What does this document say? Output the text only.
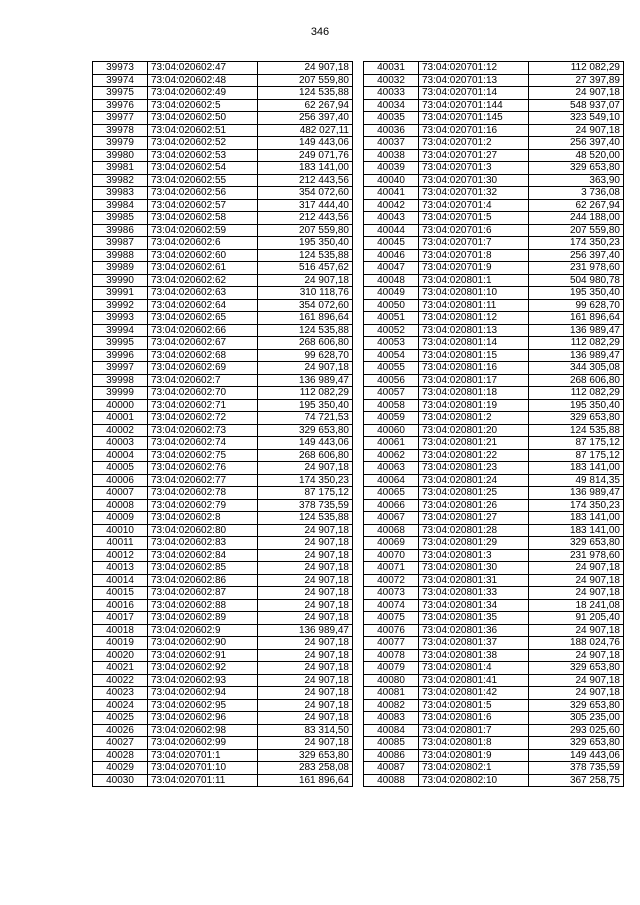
346
39973	73:04:020602:47	24 907,18
39974	73:04:020602:48	207 559,80
39975	73:04:020602:49	124 535,88
39976	73:04:020602:5	62 267,94
39977	73:04:020602:50	256 397,40
39978	73:04:020602:51	482 027,11
39979	73:04:020602:52	149 443,06
39980	73:04:020602:53	249 071,76
39981	73:04:020602:54	183 141,00
39982	73:04:020602:55	212 443,56
39983	73:04:020602:56	354 072,60
39984	73:04:020602:57	317 444,40
39985	73:04:020602:58	212 443,56
39986	73:04:020602:59	207 559,80
39987	73:04:020602:6	195 350,40
39988	73:04:020602:60	124 535,88
39989	73:04:020602:61	516 457,62
39990	73:04:020602:62	24 907,18
39991	73:04:020602:63	310 118,76
39992	73:04:020602:64	354 072,60
39993	73:04:020602:65	161 896,64
39994	73:04:020602:66	124 535,88
39995	73:04:020602:67	268 606,80
39996	73:04:020602:68	99 628,70
39997	73:04:020602:69	24 907,18
39998	73:04:020602:7	136 989,47
39999	73:04:020602:70	112 082,29
40000	73:04:020602:71	195 350,40
40001	73:04:020602:72	74 721,53
40002	73:04:020602:73	329 653,80
40003	73:04:020602:74	149 443,06
40004	73:04:020602:75	268 606,80
40005	73:04:020602:76	24 907,18
40006	73:04:020602:77	174 350,23
40007	73:04:020602:78	87 175,12
40008	73:04:020602:79	378 735,59
40009	73:04:020602:8	124 535,88
40010	73:04:020602:80	24 907,18
40011	73:04:020602:83	24 907,18
40012	73:04:020602:84	24 907,18
40013	73:04:020602:85	24 907,18
40014	73:04:020602:86	24 907,18
40015	73:04:020602:87	24 907,18
40016	73:04:020602:88	24 907,18
40017	73:04:020602:89	24 907,18
40018	73:04:020602:9	136 989,47
40019	73:04:020602:90	24 907,18
40020	73:04:020602:91	24 907,18
40021	73:04:020602:92	24 907,18
40022	73:04:020602:93	24 907,18
40023	73:04:020602:94	24 907,18
40024	73:04:020602:95	24 907,18
40025	73:04:020602:96	24 907,18
40026	73:04:020602:98	83 314,50
40027	73:04:020602:99	24 907,18
40028	73:04:020701:1	329 653,80
40029	73:04:020701:10	283 258,08
40030	73:04:020701:11	161 896,64
40031	73:04:020701:12	112 082,29
40032	73:04:020701:13	27 397,89
40033	73:04:020701:14	24 907,18
40034	73:04:020701:144	548 937,07
40035	73:04:020701:145	323 549,10
40036	73:04:020701:16	24 907,18
40037	73:04:020701:2	256 397,40
40038	73:04:020701:27	48 520,00
40039	73:04:020701:3	329 653,80
40040	73:04:020701:30	363,90
40041	73:04:020701:32	3 736,08
40042	73:04:020701:4	62 267,94
40043	73:04:020701:5	244 188,00
40044	73:04:020701:6	207 559,80
40045	73:04:020701:7	174 350,23
40046	73:04:020701:8	256 397,40
40047	73:04:020701:9	231 978,60
40048	73:04:020801:1	504 980,78
40049	73:04:020801:10	195 350,40
40050	73:04:020801:11	99 628,70
40051	73:04:020801:12	161 896,64
40052	73:04:020801:13	136 989,47
40053	73:04:020801:14	112 082,29
40054	73:04:020801:15	136 989,47
40055	73:04:020801:16	344 305,08
40056	73:04:020801:17	268 606,80
40057	73:04:020801:18	112 082,29
40058	73:04:020801:19	195 350,40
40059	73:04:020801:2	329 653,80
40060	73:04:020801:20	124 535,88
40061	73:04:020801:21	87 175,12
40062	73:04:020801:22	87 175,12
40063	73:04:020801:23	183 141,00
40064	73:04:020801:24	49 814,35
40065	73:04:020801:25	136 989,47
40066	73:04:020801:26	174 350,23
40067	73:04:020801:27	183 141,00
40068	73:04:020801:28	183 141,00
40069	73:04:020801:29	329 653,80
40070	73:04:020801:3	231 978,60
40071	73:04:020801:30	24 907,18
40072	73:04:020801:31	24 907,18
40073	73:04:020801:33	24 907,18
40074	73:04:020801:34	18 241,08
40075	73:04:020801:35	91 205,40
40076	73:04:020801:36	24 907,18
40077	73:04:020801:37	188 024,76
40078	73:04:020801:38	24 907,18
40079	73:04:020801:4	329 653,80
40080	73:04:020801:41	24 907,18
40081	73:04:020801:42	24 907,18
40082	73:04:020801:5	329 653,80
40083	73:04:020801:6	305 235,00
40084	73:04:020801:7	293 025,60
40085	73:04:020801:8	329 653,80
40086	73:04:020801:9	149 443,06
40087	73:04:020802:1	378 735,59
40088	73:04:020802:10	367 258,75
